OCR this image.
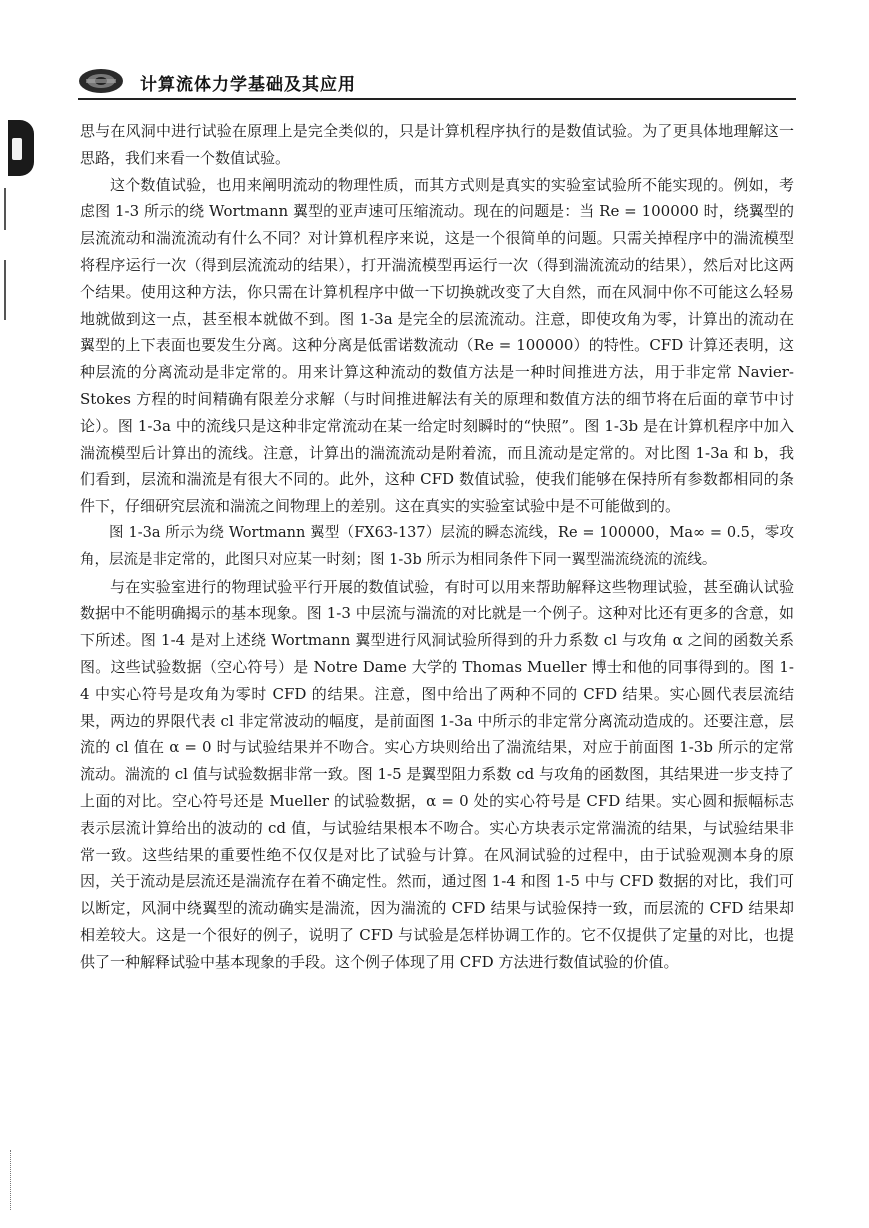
计算流体力学基础及其应用

思与在风洞中进行试验在原理上是完全类似的，只是计算机程序执行的是数值试验。为了更具体地理解这一思路，我们来看一个数值试验。

这个数值试验，也用来阐明流动的物理性质，而其方式则是真实的实验室试验所不能实现的。例如，考虑图 1-3 所示的绕 Wortmann 翼型的亚声速可压缩流动。现在的问题是：当 Re = 100000 时，绕翼型的层流流动和湍流流动有什么不同？对计算机程序来说，这是一个很简单的问题。只需关掉程序中的湍流模型将程序运行一次（得到层流流动的结果），打开湍流模型再运行一次（得到湍流流动的结果），然后对比这两个结果。使用这种方法，你只需在计算机程序中做一下切换就改变了大自然，而在风洞中你不可能这么轻易地就做到这一点，甚至根本就做不到。图 1-3a 是完全的层流流动。注意，即使攻角为零，计算出的流动在翼型的上下表面也要发生分离。这种分离是低雷诺数流动（Re = 100000）的特性。CFD 计算还表明，这种层流的分离流动是非定常的。用来计算这种流动的数值方法是一种时间推进方法，用于非定常 Navier-Stokes 方程的时间精确有限差分求解（与时间推进解法有关的原理和数值方法的细节将在后面的章节中讨论）。图 1-3a 中的流线只是这种非定常流动在某一给定时刻瞬时的“快照”。图 1-3b 是在计算机程序中加入湍流模型后计算出的流线。注意，计算出的湍流流动是附着流，而且流动是定常的。对比图 1-3a 和 b，我们看到，层流和湍流是有很大不同的。此外，这种 CFD 数值试验，使我们能够在保持所有参数都相同的条件下，仔细研究层流和湍流之间物理上的差别。这在真实的实验室试验中是不可能做到的。

图 1-3a 所示为绕 Wortmann 翼型（FX63-137）层流的瞬态流线，Re = 100000，Ma∞ = 0.5，零攻角，层流是非定常的，此图只对应某一时刻；图 1-3b 所示为相同条件下同一翼型湍流绕流的流线。

与在实验室进行的物理试验平行开展的数值试验，有时可以用来帮助解释这些物理试验，甚至确认试验数据中不能明确揭示的基本现象。图 1-3 中层流与湍流的对比就是一个例子。这种对比还有更多的含意，如下所述。图 1-4 是对上述绕 Wortmann 翼型进行风洞试验所得到的升力系数 cl 与攻角 α 之间的函数关系图。这些试验数据（空心符号）是 Notre Dame 大学的 Thomas Mueller 博士和他的同事得到的。图 1-4 中实心符号是攻角为零时 CFD 的结果。注意，图中给出了两种不同的 CFD 结果。实心圆代表层流结果，两边的界限代表 cl 非定常波动的幅度，是前面图 1-3a 中所示的非定常分离流动造成的。还要注意，层流的 cl 值在 α = 0 时与试验结果并不吻合。实心方块则给出了湍流结果，对应于前面图 1-3b 所示的定常流动。湍流的 cl 值与试验数据非常一致。图 1-5 是翼型阻力系数 cd 与攻角的函数图，其结果进一步支持了上面的对比。空心符号还是 Mueller 的试验数据，α = 0 处的实心符号是 CFD 结果。实心圆和振幅标志表示层流计算给出的波动的 cd 值，与试验结果根本不吻合。实心方块表示定常湍流的结果，与试验结果非常一致。这些结果的重要性绝不仅仅是对比了试验与计算。在风洞试验的过程中，由于试验观测本身的原因，关于流动是层流还是湍流存在着不确定性。然而，通过图 1-4 和图 1-5 中与 CFD 数据的对比，我们可以断定，风洞中绕翼型的流动确实是湍流，因为湍流的 CFD 结果与试验保持一致，而层流的 CFD 结果却相差较大。这是一个很好的例子，说明了 CFD 与试验是怎样协调工作的。它不仅提供了定量的对比，也提供了一种解释试验中基本现象的手段。这个例子体现了用 CFD 方法进行数值试验的价值。
